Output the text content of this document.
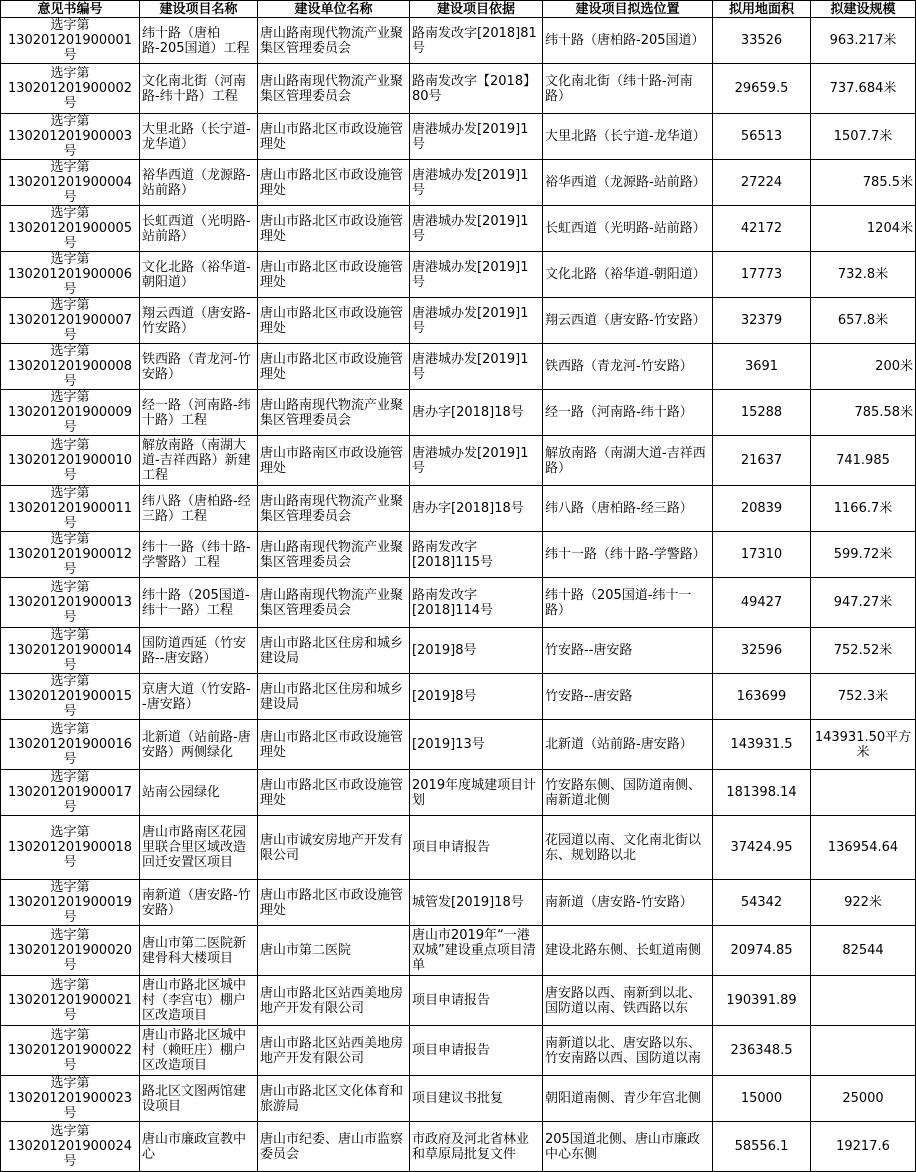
意见书编号	建设项目名称	建设单位名称	建设项目依据	建设项目拟选位置	拟用地面积	拟建设规模
选字第130201201900001号	纬十路（唐柏路-205国道）工程	唐山路南现代物流产业聚集区管理委员会	路南发改字[2018]81号	纬十路（唐柏路-205国道）	33526	963.217米
选字第130201201900002号	文化南北街（河南路-纬十路）工程	唐山路南现代物流产业聚集区管理委员会	路南发改字【2018】80号	文化南北街（纬十路-河南路）	29659.5	737.684米
选字第130201201900003号	大里北路（长宁道-龙华道）	唐山市路北区市政设施管理处	唐港城办发[2019]1号	大里北路（长宁道-龙华道）	56513	1507.7米
选字第130201201900004号	裕华西道（龙源路-站前路）	唐山市路北区市政设施管理处	唐港城办发[2019]1号	裕华西道（龙源路-站前路）	27224	785.5米
选字第130201201900005号	长虹西道（光明路-站前路）	唐山市路北区市政设施管理处	唐港城办发[2019]1号	长虹西道（光明路-站前路）	42172	1204米
选字第130201201900006号	文化北路（裕华道-朝阳道）	唐山市路北区市政设施管理处	唐港城办发[2019]1号	文化北路（裕华道-朝阳道）	17773	732.8米
选字第130201201900007号	翔云西道（唐安路-竹安路）	唐山市路北区市政设施管理处	唐港城办发[2019]1号	翔云西道（唐安路-竹安路）	32379	657.8米
选字第130201201900008号	铁西路（青龙河-竹安路）	唐山市路北区市政设施管理处	唐港城办发[2019]1号	铁西路（青龙河-竹安路）	3691	200米
选字第130201201900009号	经一路（河南路-纬十路）工程	唐山路南现代物流产业聚集区管理委员会	唐办字[2018]18号	经一路（河南路-纬十路）	15288	785.58米
选字第130201201900010号	解放南路（南湖大道-吉祥西路）新建工程	唐山市路南区市政设施管理处	唐港城办发[2019]1号	解放南路（南湖大道-吉祥西路）	21637	741.985
选字第130201201900011号	纬八路（唐柏路-经三路）工程	唐山路南现代物流产业聚集区管理委员会	唐办字[2018]18号	纬八路（唐柏路-经三路）	20839	1166.7米
选字第130201201900012号	纬十一路（纬十路-学警路）工程	唐山路南现代物流产业聚集区管理委员会	路南发改字[2018]115号	纬十一路（纬十路-学警路）	17310	599.72米
选字第130201201900013号	纬十路（205国道-纬十一路）工程	唐山路南现代物流产业聚集区管理委员会	路南发改字[2018]114号	纬十路（205国道-纬十一路）	49427	947.27米
选字第130201201900014号	国防道西延（竹安路--唐安路）	唐山市路北区住房和城乡建设局	[2019]8号	竹安路--唐安路	32596	752.52米
选字第130201201900015号	京唐大道（竹安路--唐安路）	唐山市路北区住房和城乡建设局	[2019]8号	竹安路--唐安路	163699	752.3米
选字第130201201900016号	北新道（站前路-唐安路）两侧绿化	唐山市路北区市政设施管理处	[2019]13号	北新道（站前路-唐安路）	143931.5	143931.50平方米
选字第130201201900017号	站南公园绿化	唐山市路北区市政设施管理处	2019年度城建项目计划	竹安路东侧、国防道南侧、南新道北侧	181398.14	
选字第130201201900018号	唐山市路南区花园里联合里区域改造回迁安置区项目	唐山市诚安房地产开发有限公司	项目申请报告	花园道以南、文化南北街以东、规划路以北	37424.95	136954.64
选字第130201201900019号	南新道（唐安路-竹安路）	唐山市路北区市政设施管理处	城管发[2019]18号	南新道（唐安路-竹安路）	54342	922米
选字第130201201900020号	唐山市第二医院新建骨科大楼项目	唐山市第二医院	唐山市2019年“一港双城”建设重点项目清单	建设北路东侧、长虹道南侧	20974.85	82544
选字第130201201900021号	唐山市路北区城中村（李宫屯）棚户区改造项目	唐山市路北区站西美地房地产开发有限公司	项目申请报告	唐安路以西、南新到以北、国防道以南、铁西路以东	190391.89	
选字第130201201900022号	唐山市路北区城中村（赖旺庄）棚户区改造项目	唐山市路北区站西美地房地产开发有限公司	项目申请报告	南新道以北、唐安路以东、竹安南路以西、国防道以南	236348.5	
选字第130201201900023号	路北区文图两馆建设项目	唐山市路北区文化体育和旅游局	项目建议书批复	朝阳道南侧、青少年宫北侧	15000	25000
选字第130201201900024号	唐山市廉政宣教中心	唐山市纪委、唐山市监察委员会	市政府及河北省林业和草原局批复文件	205国道北侧、唐山市廉政中心东侧	58556.1	19217.6
